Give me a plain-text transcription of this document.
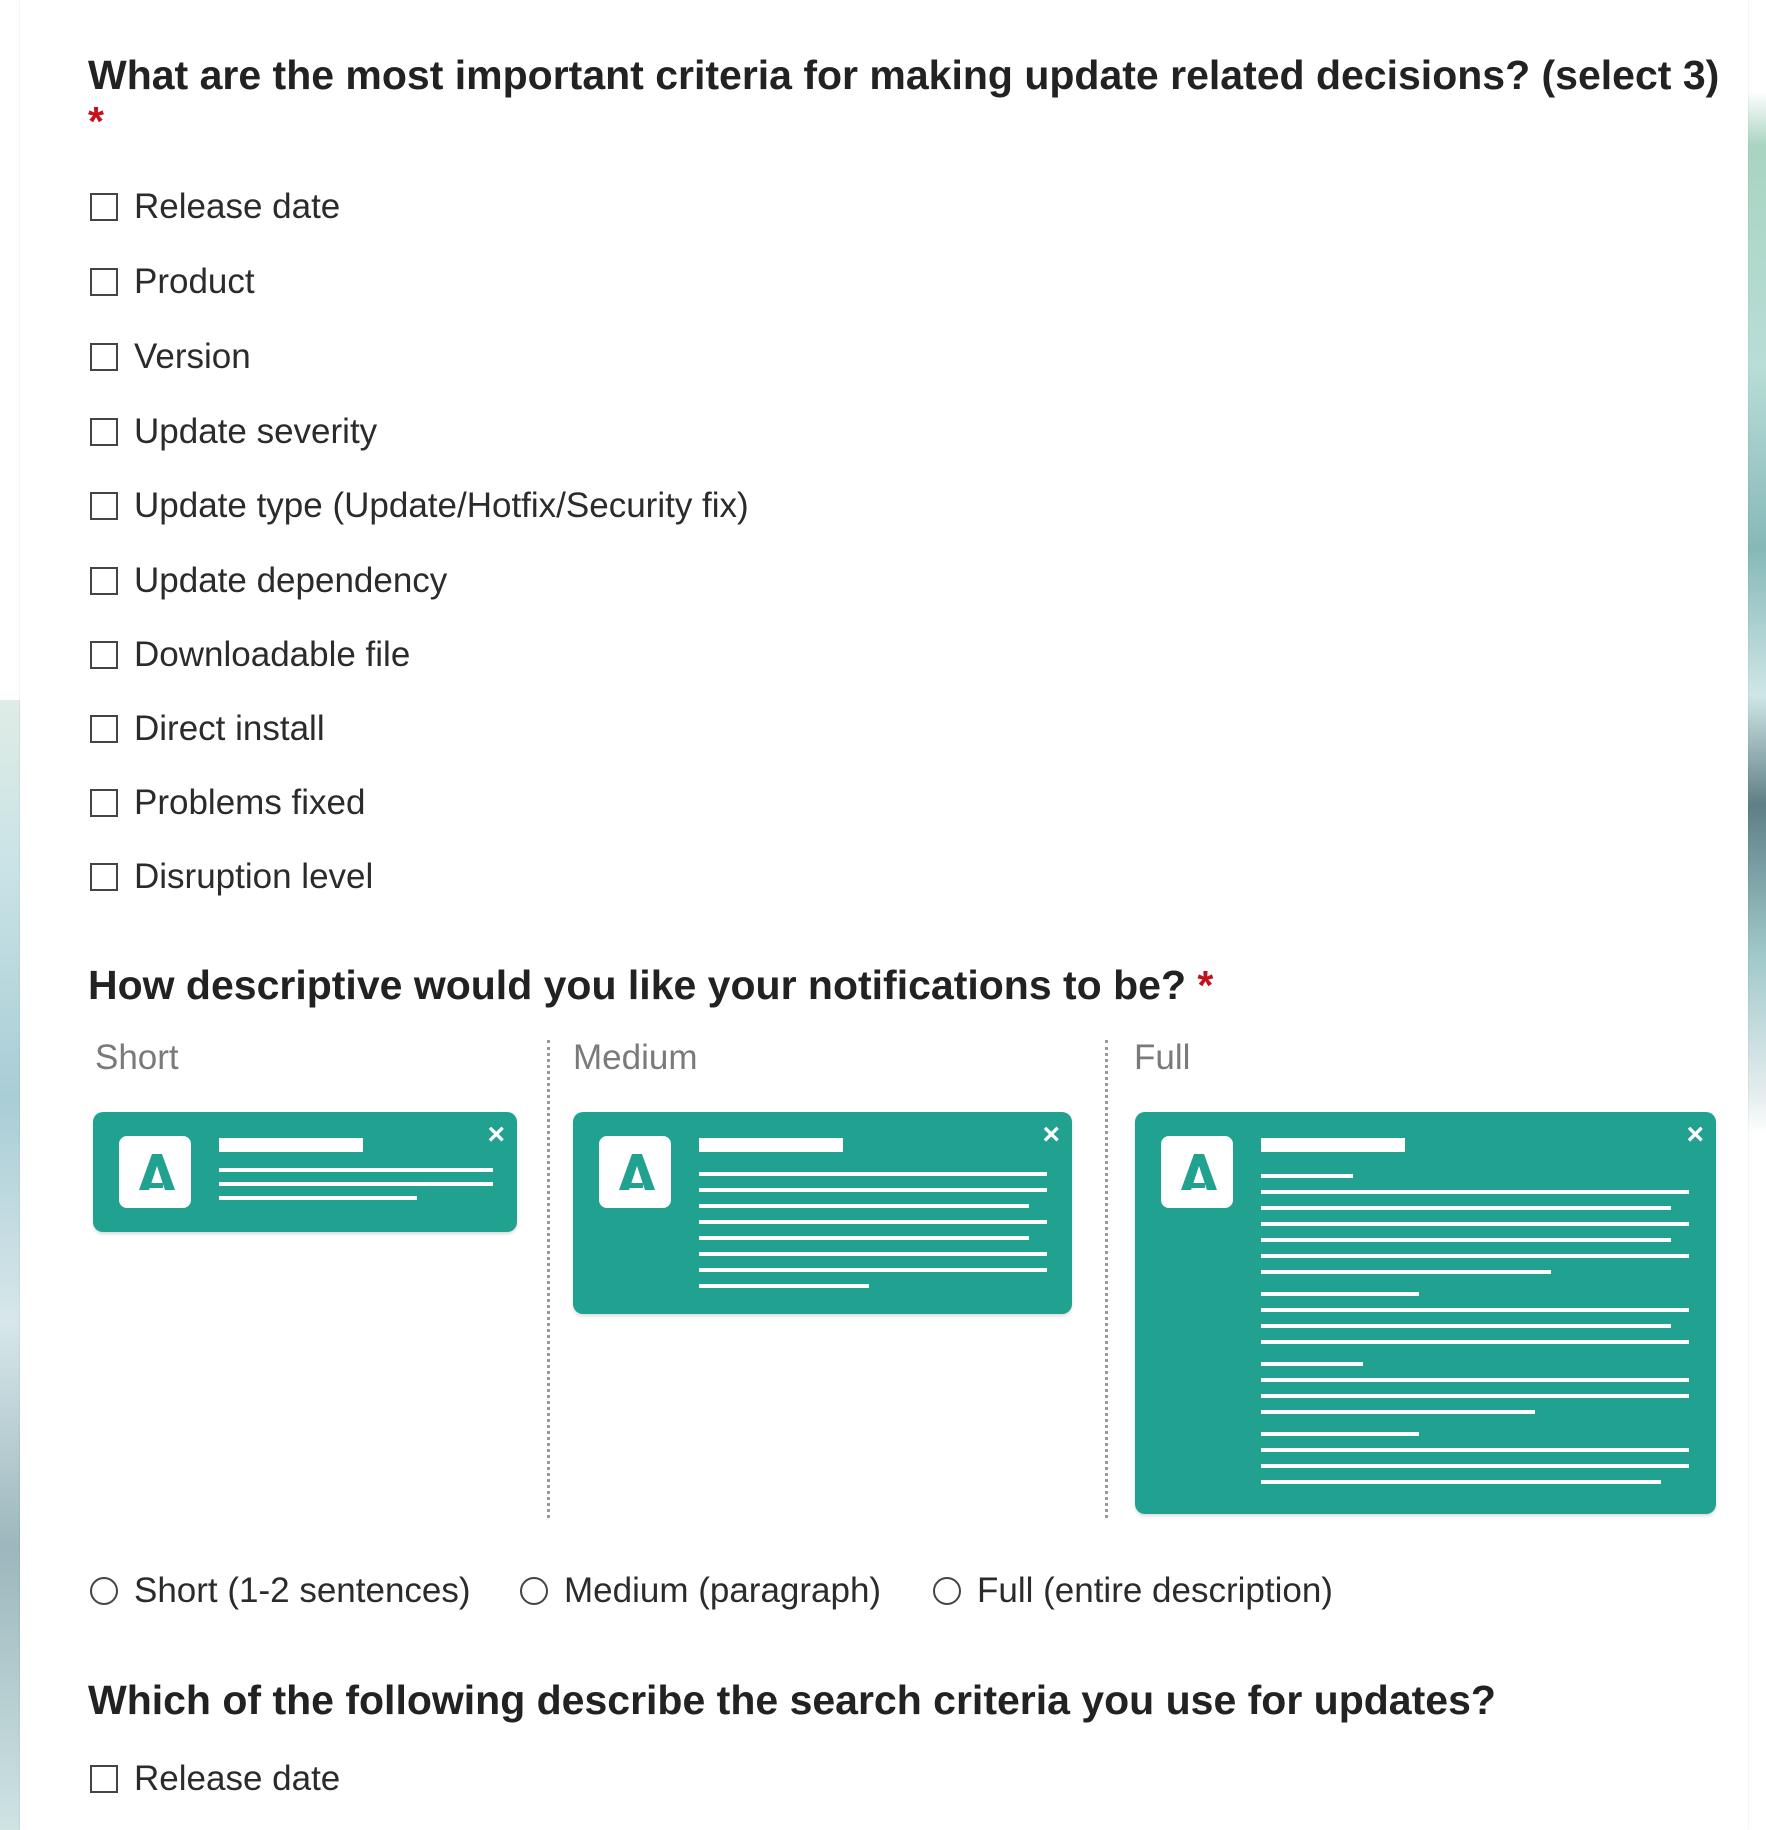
What are the most important criteria for making update related decisions? (select 3)
*
Release date
Product
Version
Update severity
Update type (Update/Hotfix/Security fix)
Update dependency
Downloadable file
Direct install
Problems fixed
Disruption level
How descriptive would you like your notifications to be? *
Short	Medium	Full
×	×	×
Short (1-2 sentences)	Medium (paragraph)	Full (entire description)
Which of the following describe the search criteria you use for updates?
Release date
